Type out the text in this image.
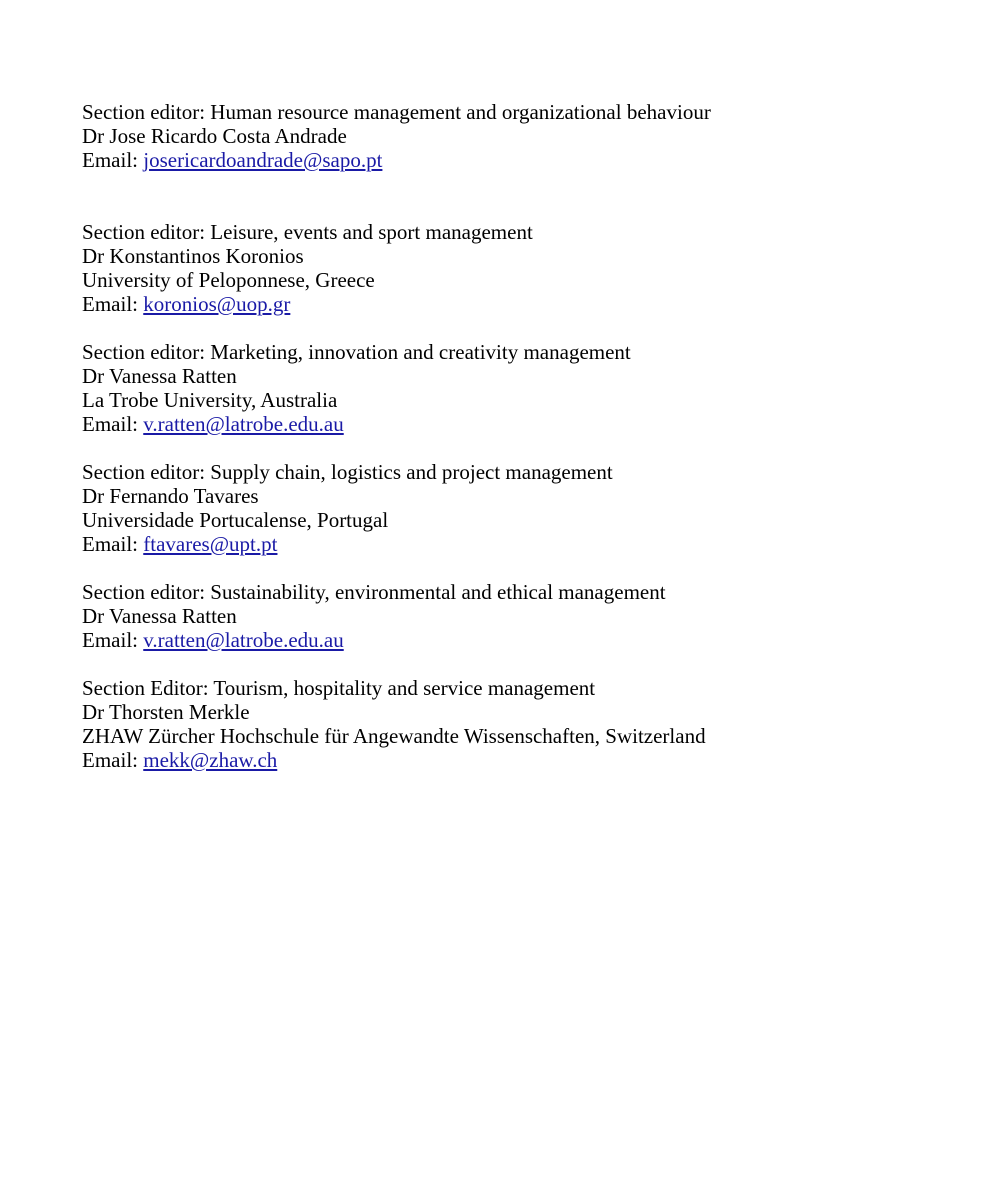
Section editor: Human resource management and organizational behaviour
Dr Jose Ricardo Costa Andrade
Email: josericardoandrade@sapo.pt
Section editor: Leisure, events and sport management
Dr Konstantinos Koronios
University of Peloponnese, Greece
Email: koronios@uop.gr
Section editor: Marketing, innovation and creativity management
Dr Vanessa Ratten
La Trobe University, Australia
Email: v.ratten@latrobe.edu.au
Section editor: Supply chain, logistics and project management
Dr Fernando Tavares
Universidade Portucalense, Portugal
Email: ftavares@upt.pt
Section editor: Sustainability, environmental and ethical management
Dr Vanessa Ratten
Email: v.ratten@latrobe.edu.au
Section Editor: Tourism, hospitality and service management
Dr Thorsten Merkle
ZHAW Zürcher Hochschule für Angewandte Wissenschaften, Switzerland
Email: mekk@zhaw.ch
